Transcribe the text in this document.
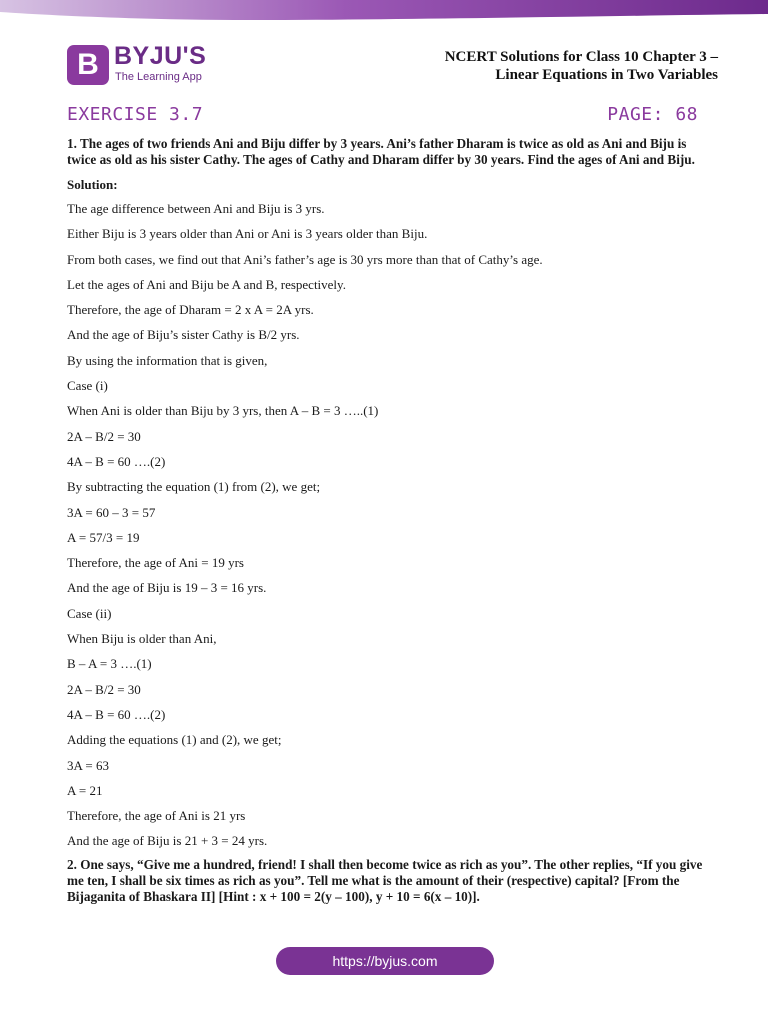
B BYJU'S
The Learning App
NCERT Solutions for Class 10 Chapter 3 –
Linear Equations in Two Variables
EXERCISE 3.7	PAGE: 68

1. The ages of two friends Ani and Biju differ by 3 years. Ani’s father Dharam is twice as old as Ani and Biju is twice as old as his sister Cathy. The ages of Cathy and Dharam differ by 30 years. Find the ages of Ani and Biju.

Solution:

The age difference between Ani and Biju is 3 yrs.

Either Biju is 3 years older than Ani or Ani is 3 years older than Biju.

From both cases, we find out that Ani’s father’s age is 30 yrs more than that of Cathy’s age.

Let the ages of Ani and Biju be A and B, respectively.

Therefore, the age of Dharam = 2 x A = 2A yrs.

And the age of Biju’s sister Cathy is B/2 yrs.

By using the information that is given,

Case (i)

When Ani is older than Biju by 3 yrs, then A – B = 3 …..(1)

2A – B/2 = 30

4A – B = 60 ….(2)

By subtracting the equation (1) from (2), we get;

3A = 60 – 3 = 57

A = 57/3 = 19

Therefore, the age of Ani = 19 yrs

And the age of Biju is 19 – 3 = 16 yrs.

Case (ii)

When Biju is older than Ani,

B – A = 3 ….(1)

2A – B/2 = 30

4A – B = 60 ….(2)

Adding the equations (1) and (2), we get;

3A = 63

A = 21

Therefore, the age of Ani is 21 yrs

And the age of Biju is 21 + 3 = 24 yrs.

2. One says, “Give me a hundred, friend! I shall then become twice as rich as you”. The other replies, “If you give me ten, I shall be six times as rich as you”. Tell me what is the amount of their (respective) capital? [From the Bijaganita of Bhaskara II] [Hint : x + 100 = 2(y – 100), y + 10 = 6(x – 10)].

https://byjus.com
